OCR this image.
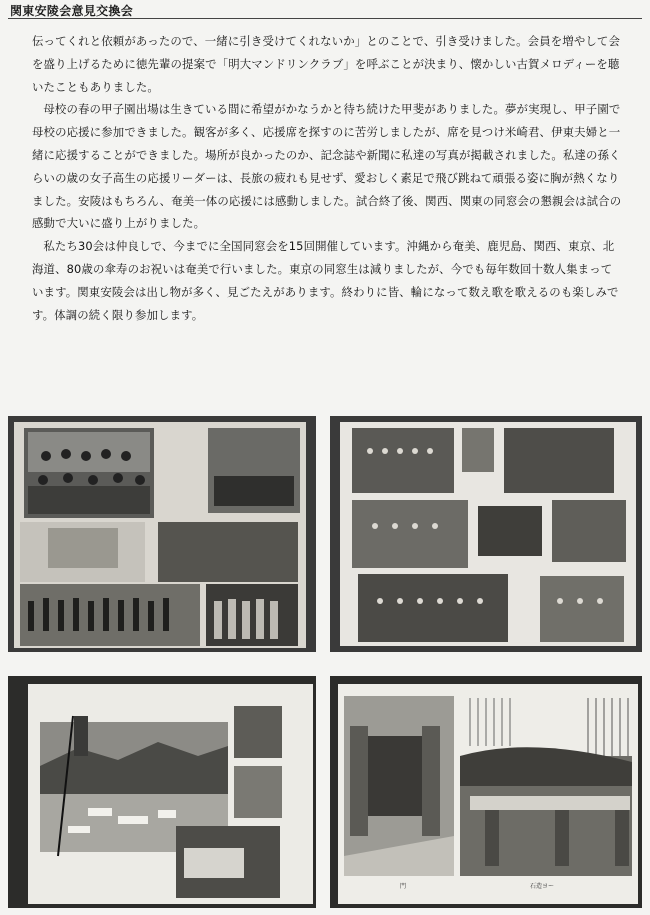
関東安陵会意見交換会

伝ってくれと依頼があったので、一緒に引き受けてくれないか」とのことで、引き受けました。会員を増やして会を盛り上げるために徳先輩の提案で「明大マンドリンクラブ」を呼ぶことが決まり、懐かしい古賀メロディーを聴いたこともありました。

母校の春の甲子園出場は生きている間に希望がかなうかと待ち続けた甲斐がありました。夢が実現し、甲子園で母校の応援に参加できました。観客が多く、応援席を探すのに苦労しましたが、席を見つけ米崎君、伊東夫婦と一緒に応援することができました。場所が良かったのか、記念誌や新聞に私達の写真が掲載されました。私達の孫くらいの歳の女子高生の応援リーダーは、長旅の疲れも見せず、愛おしく素足で飛び跳ねて頑張る姿に胸が熱くなりました。安陵はもちろん、奄美一体の応援には感動しました。試合終了後、関西、関東の同窓会の懇親会は試合の感動で大いに盛り上がりました。

私たち30会は仲良しで、今までに全国同窓会を15回開催しています。沖縄から奄美、鹿児島、関西、東京、北海道、80歳の傘寿のお祝いは奄美で行いました。東京の同窓生は減りましたが、今でも毎年数回十数人集まっています。関東安陵会は出し物が多く、見ごたえがあります。終わりに皆、輪になって数え歌を歌えるのも楽しみです。体調の続く限り参加します。

門	石造ヨー
